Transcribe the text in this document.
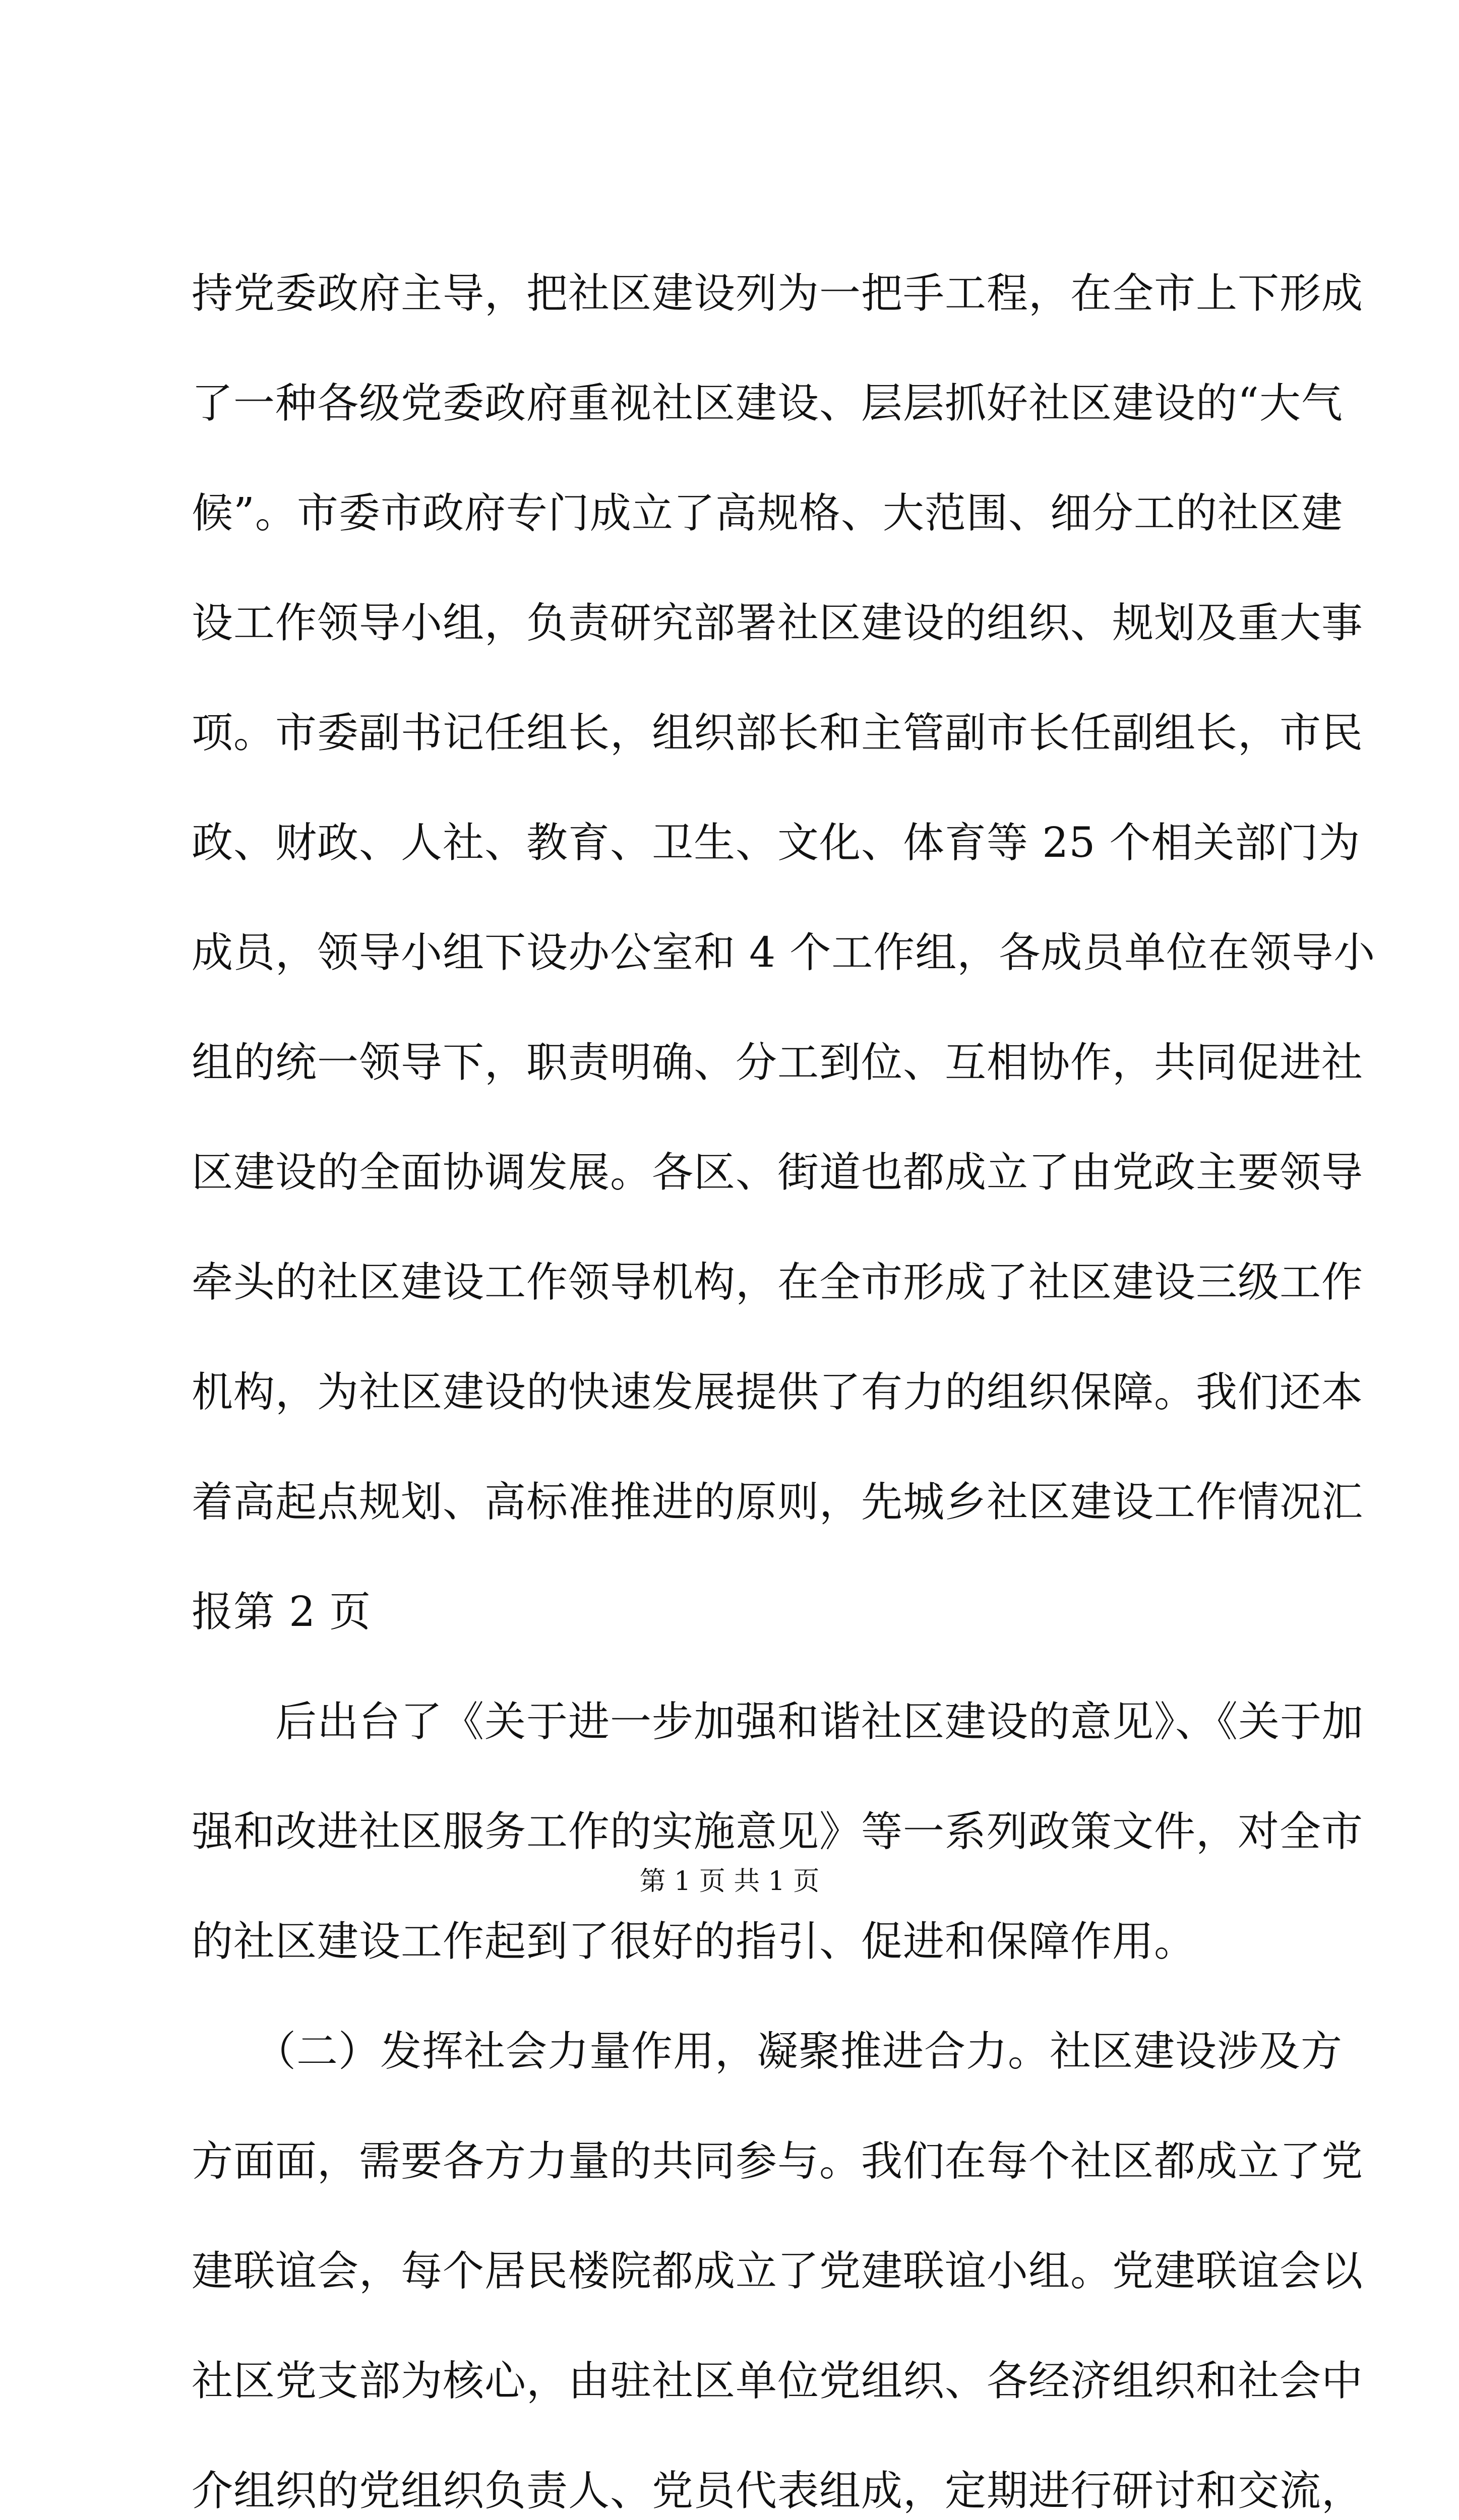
持党委政府主导，把社区建设列为一把手工程，在全市上下形成
了一种各级党委政府重视社区建设、层层抓好社区建设的“大气
候”。市委市政府专门成立了高规格、大范围、细分工的社区建
设工作领导小组，负责研究部署社区建设的组织、规划及重大事
项。市委副书记任组长，组织部长和主管副市长任副组长，市民
政、财政、人社、教育、卫生、文化、体育等 25 个相关部门为
成员，领导小组下设办公室和 4 个工作组，各成员单位在领导小
组的统一领导下，职责明确、分工到位、互相协作，共同促进社
区建设的全面协调发展。各区、街道也都成立了由党政主要领导
牵头的社区建设工作领导机构，在全市形成了社区建设三级工作
机构，为社区建设的快速发展提供了有力的组织保障。我们还本
着高起点规划、高标准推进的原则，先城乡社区建设工作情况汇
报第 2 页
　　后出台了《关于进一步加强和谐社区建设的意见》、《关于加
强和改进社区服务工作的实施意见》等一系列政策文件，对全市
的社区建设工作起到了很好的指引、促进和保障作用。
　　（二）发挥社会力量作用，凝聚推进合力。社区建设涉及方
方面面，需要各方力量的共同参与。我们在每个社区都成立了党
建联谊会，每个居民楼院都成立了党建联谊小组。党建联谊会以
社区党支部为核心，由驻社区单位党组织、各经济组织和社会中
介组织的党组织负责人、党员代表组成，定期进行研讨和交流，
第 1 页 共 1 页
